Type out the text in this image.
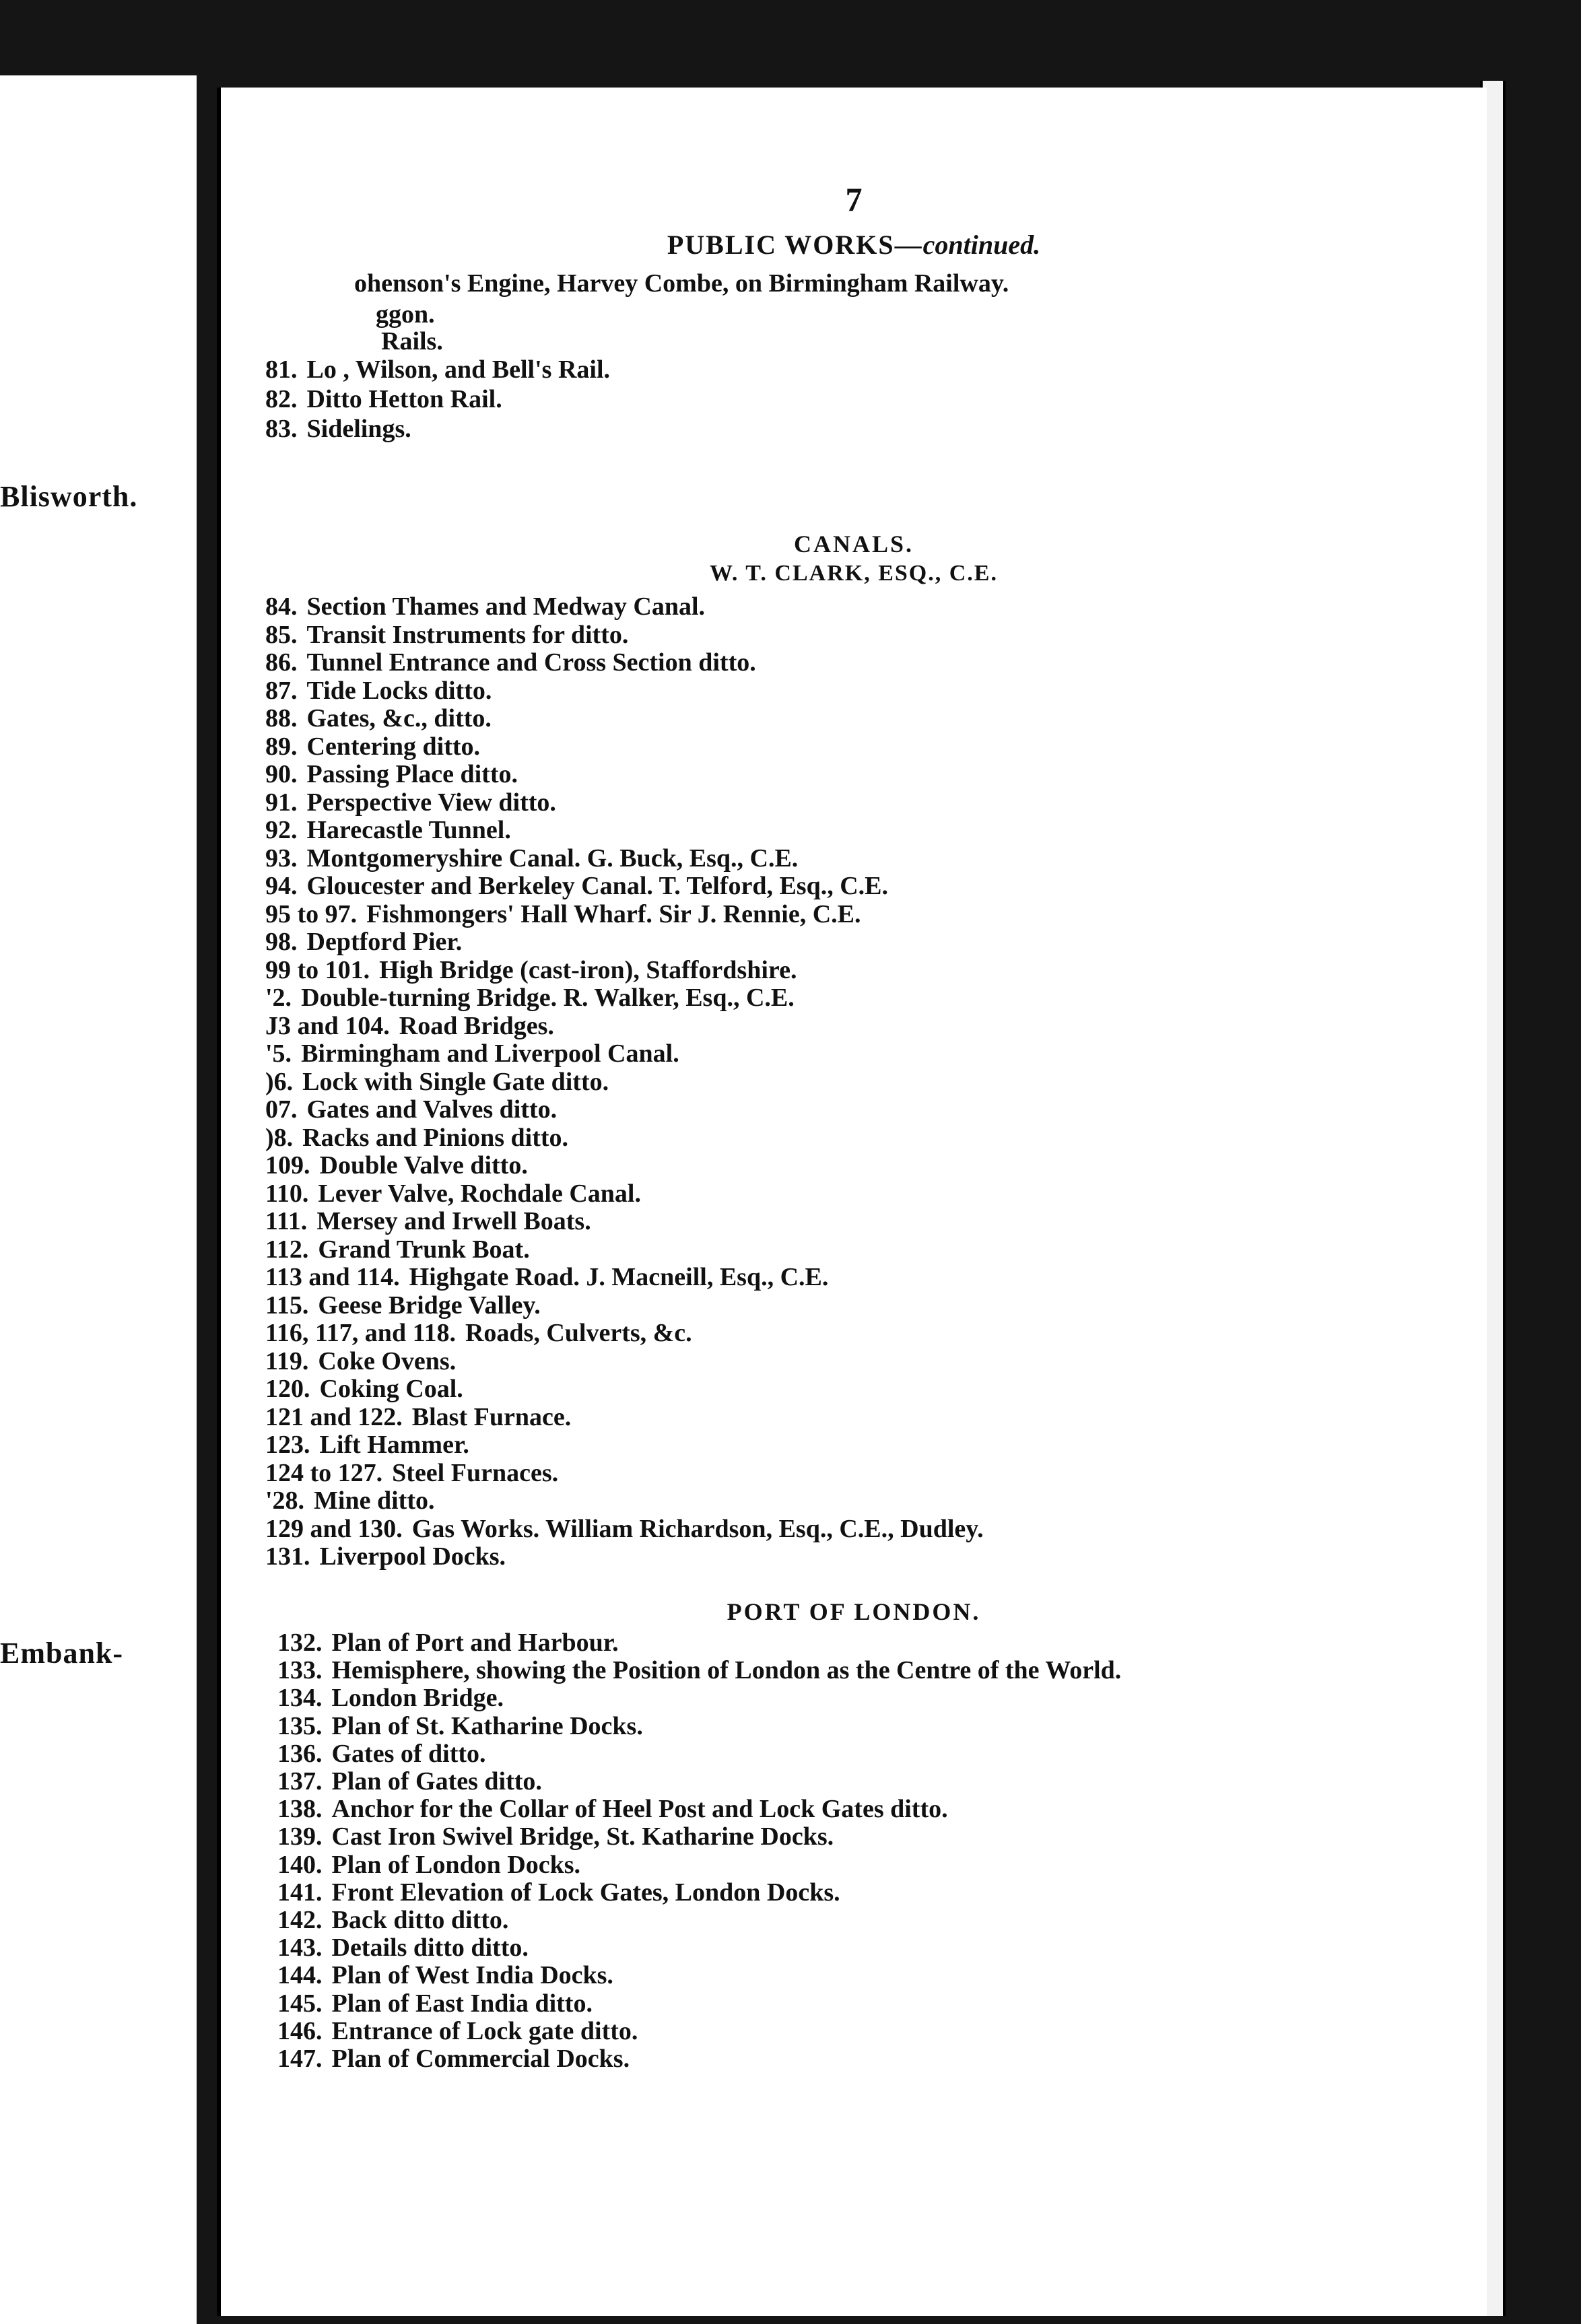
Blisworth.
Embank-
7
PUBLIC WORKS—continued.
ohenson's Engine, Harvey Combe, on Birmingham Railway.
ggon.
Rails.
CANALS.
W. T. CLARK, ESQ., C.E.
PORT OF LONDON.
81. Lo , Wilson, and Bell's Rail.
82. Ditto Hetton Rail.
83. Sidelings.
84. Section Thames and Medway Canal.
85. Transit Instruments for ditto.
86. Tunnel Entrance and Cross Section ditto.
87. Tide Locks ditto.
88. Gates, &c., ditto.
89. Centering ditto.
90. Passing Place ditto.
91. Perspective View ditto.
92. Harecastle Tunnel.
93. Montgomeryshire Canal. G. Buck, Esq., C.E.
94. Gloucester and Berkeley Canal. T. Telford, Esq., C.E.
95 to 97. Fishmongers' Hall Wharf. Sir J. Rennie, C.E.
98. Deptford Pier.
99 to 101. High Bridge (cast-iron), Staffordshire.
'2. Double-turning Bridge. R. Walker, Esq., C.E.
J3 and 104. Road Bridges.
'5. Birmingham and Liverpool Canal.
)6. Lock with Single Gate ditto.
07. Gates and Valves ditto.
)8. Racks and Pinions ditto.
109. Double Valve ditto.
110. Lever Valve, Rochdale Canal.
111. Mersey and Irwell Boats.
112. Grand Trunk Boat.
113 and 114. Highgate Road. J. Macneill, Esq., C.E.
115. Geese Bridge Valley.
116, 117, and 118. Roads, Culverts, &c.
119. Coke Ovens.
120. Coking Coal.
121 and 122. Blast Furnace.
123. Lift Hammer.
124 to 127. Steel Furnaces.
'28. Mine ditto.
129 and 130. Gas Works. William Richardson, Esq., C.E., Dudley.
131. Liverpool Docks.
132. Plan of Port and Harbour.
133. Hemisphere, showing the Position of London as the Centre of the World.
134. London Bridge.
135. Plan of St. Katharine Docks.
136. Gates of ditto.
137. Plan of Gates ditto.
138. Anchor for the Collar of Heel Post and Lock Gates ditto.
139. Cast Iron Swivel Bridge, St. Katharine Docks.
140. Plan of London Docks.
141. Front Elevation of Lock Gates, London Docks.
142. Back ditto ditto.
143. Details ditto ditto.
144. Plan of West India Docks.
145. Plan of East India ditto.
146. Entrance of Lock gate ditto.
147. Plan of Commercial Docks.
